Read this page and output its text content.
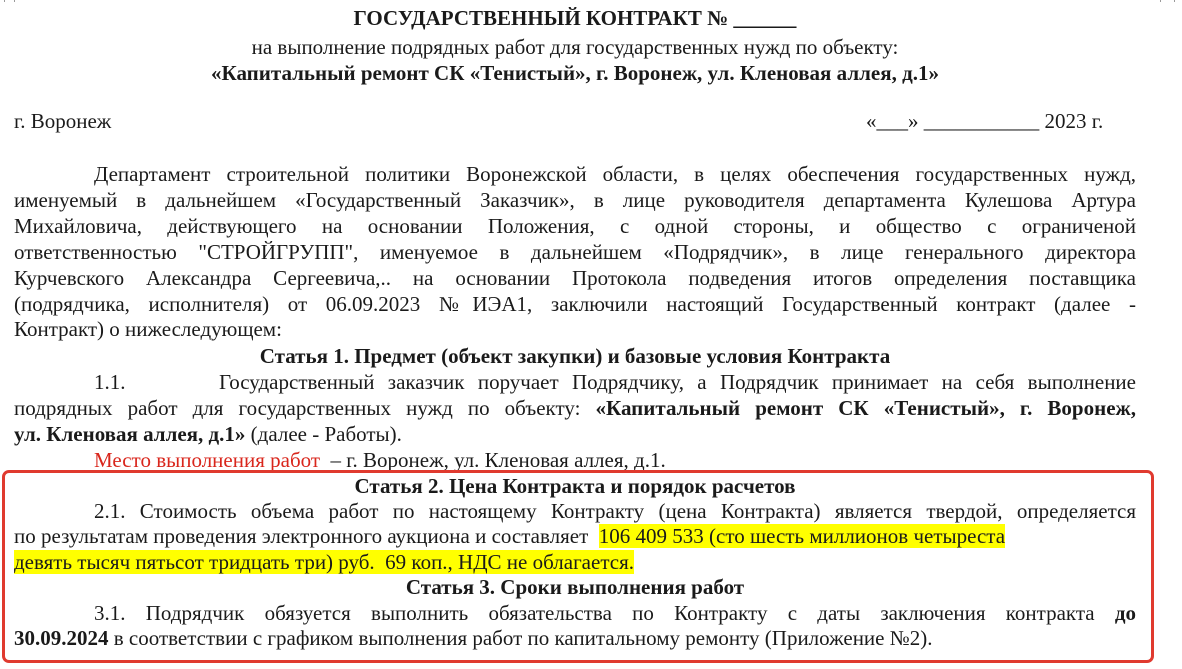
ГОСУДАРСТВЕННЫЙ КОНТРАКТ № ______
на выполнение подрядных работ для государственных нужд по объекту:
«Капитальный ремонт СК «Тенистый», г. Воронеж, ул. Кленовая аллея, д.1»
г. Воронеж	«___» ___________ 2023 г.
Департамент строительной политики Воронежской области, в целях обеспечения государственных нужд,
именуемый в дальнейшем «Государственный Заказчик», в лице руководителя департамента Кулешова Артура
Михайловича, действующего на основании Положения, с одной стороны, и общество с ограниченой
ответственностью "СТРОЙГРУПП", именуемое в дальнейшем «Подрядчик», в лице генерального директора
Курчевского Александра Сергеевича,.. на основании Протокола подведения итогов определения поставщика
(подрядчика, исполнителя) от 06.09.2023 №ИЭА1, заключили настоящий Государственный контракт (далее -
Контракт) о нижеследующем:
Статья 1. Предмет (объект закупки) и базовые условия Контракта
1.1.       Государственный заказчик поручает Подрядчику, а Подрядчик принимает на себя выполнение
подрядных работ для государственных нужд по объекту: «Капитальный ремонт СК «Тенистый», г. Воронеж,
ул. Кленовая аллея, д.1» (далее - Работы).
Место выполнения работ  – г. Воронеж, ул. Кленовая аллея, д.1.
Статья 2. Цена Контракта и порядок расчетов
2.1. Стоимость объема работ по настоящему Контракту (цена Контракта) является твердой, определяется
по результатам проведения электронного аукциона и составляет  106 409 533 (сто шесть миллионов четыреста
девять тысяч пятьсот тридцать три) руб.  69 коп., НДС не облагается.
Статья 3. Сроки выполнения работ
3.1. Подрядчик обязуется выполнить обязательства по Контракту с даты заключения контракта до
30.09.2024 в соответствии с графиком выполнения работ по капитальному ремонту (Приложение №2).
